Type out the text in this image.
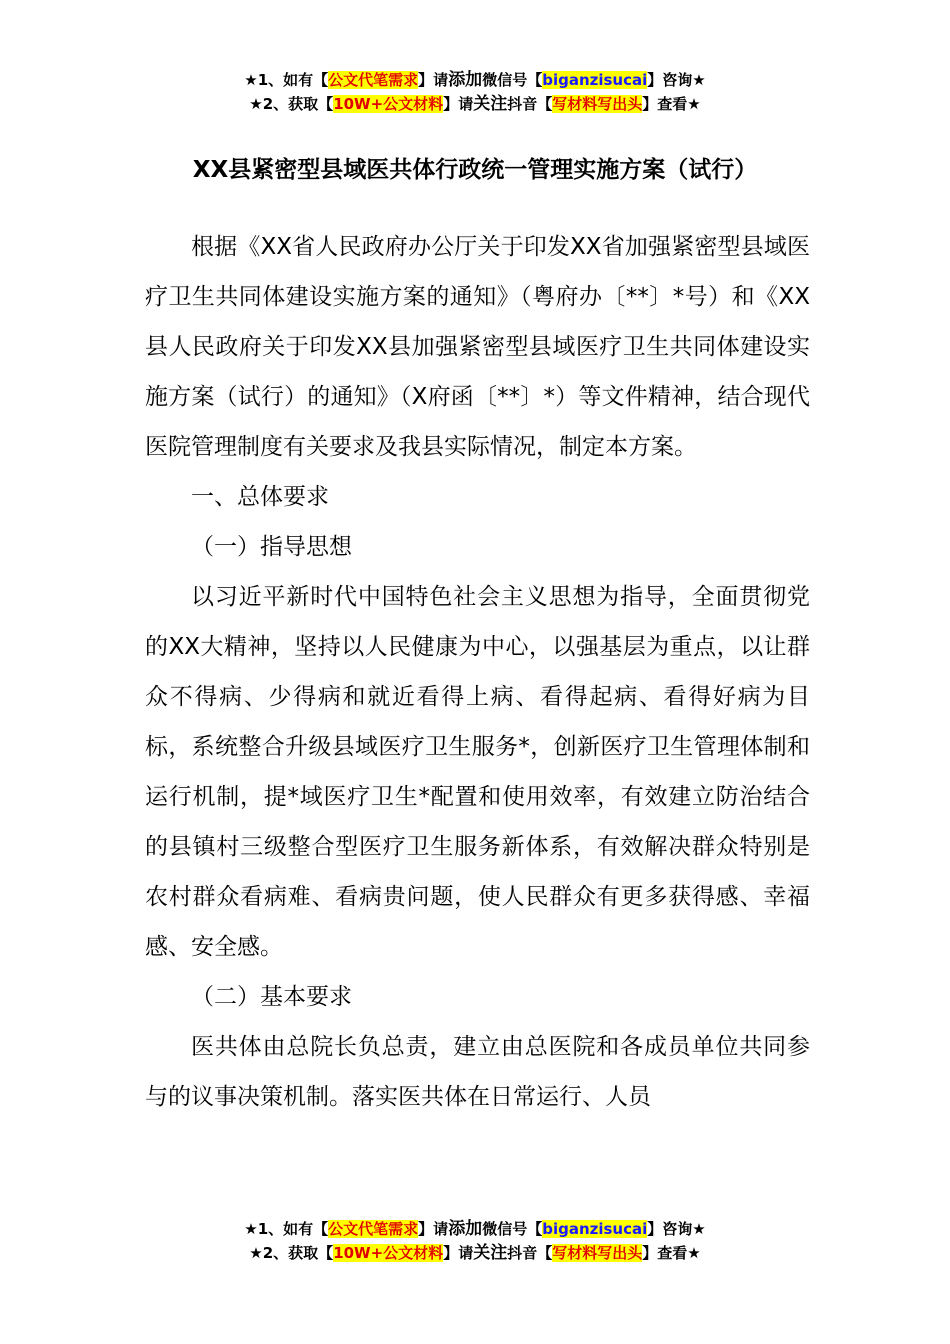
★1、如有【公文代笔需求】请添加微信号【biganzisucai】咨询★
★2、获取【10W+公文材料】请关注抖音【写材料写出头】查看★
XX县紧密型县域医共体行政统一管理实施方案（试行）

根据《XX省人民政府办公厅关于印发XX省加强紧密型县域医疗卫生共同体建设实施方案的通知》（粤府办〔**〕*号）和《XX县人民政府关于印发XX县加强紧密型县域医疗卫生共同体建设实施方案（试行）的通知》（X府函〔**〕*）等文件精神，结合现代医院管理制度有关要求及我县实际情况，制定本方案。

一、总体要求

（一）指导思想

以习近平新时代中国特色社会主义思想为指导，全面贯彻党的XX大精神，坚持以人民健康为中心，以强基层为重点，以让群众不得病、少得病和就近看得上病、看得起病、看得好病为目标，系统整合升级县域医疗卫生服务*，创新医疗卫生管理体制和运行机制，提*域医疗卫生*配置和使用效率，有效建立防治结合的县镇村三级整合型医疗卫生服务新体系，有效解决群众特别是农村群众看病难、看病贵问题，使人民群众有更多获得感、幸福感、安全感。

（二）基本要求

医共体由总院长负总责，建立由总医院和各成员单位共同参与的议事决策机制。落实医共体在日常运行、人员

★1、如有【公文代笔需求】请添加微信号【biganzisucai】咨询★
★2、获取【10W+公文材料】请关注抖音【写材料写出头】查看★
